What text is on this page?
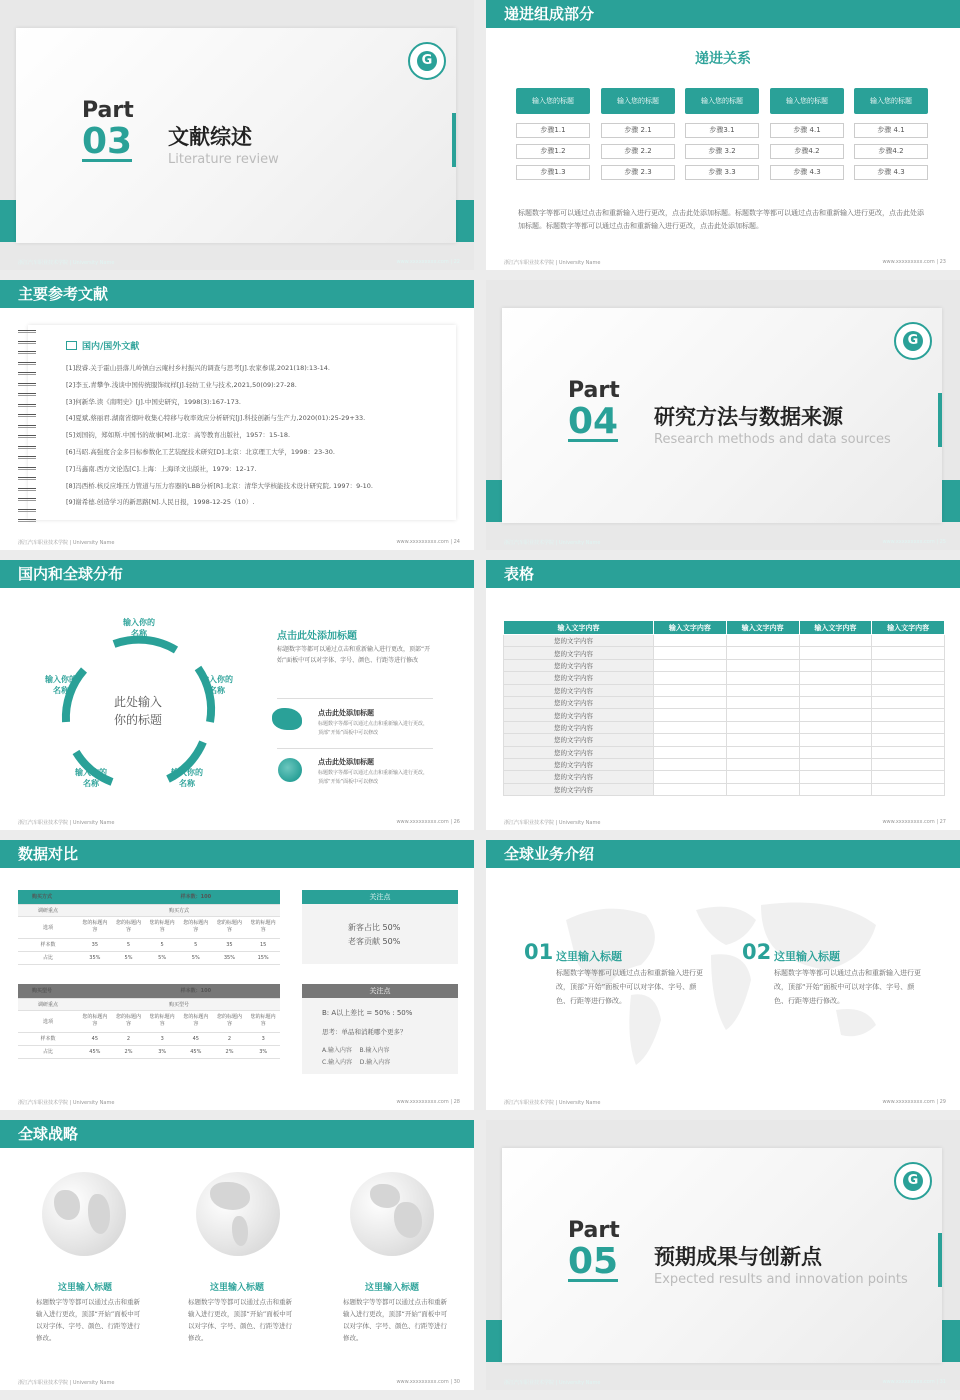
G
Part
03 文献综述
Literature review
浙江汽车职业技术学院 | University Name	www.xxxxxxxxx.com | 22
递进组成部分
递进关系
输入您的标题
步骤1.1
步骤1.2
步骤1.3
输入您的标题
步骤 2.1
步骤 2.2
步骤 2.3
输入您的标题
步骤3.1
步骤 3.2
步骤 3.3
输入您的标题
步骤 4.1
步骤4.2
步骤 4.3
输入您的标题
步骤 4.1
步骤4.2
步骤 4.3
标题数字等都可以通过点击和重新输入进行更改，点击此处添加标题。标题数字等都可以通过点击和重新输入进行更改，点击此处添加标题。标题数字等都可以通过点击和重新输入进行更改，点击此处添加标题。
浙江汽车职业技术学院 | University Name	www.xxxxxxxxx.com | 23
主要参考文献
国内/国外文献
[1]段睿.关于霍山县落儿岭镇白云庵村乡村振兴的调查与思考[J].农家参谋,2021(18):13-14.
[2]李玉,青攀争.浅谈中国传统服饰纹样[J].轻纺工业与技术,2021,50(09):27-28.
[3]何新华.读《南明史》[J].中国史研究，1998(3):167-173.
[4]夏斌,蔡丽君.湖南省烟叶收集心特移与收率效应分析研究[J].科技创新与生产力,2020(01):25-29+33.
[5]刘国钧，郑如斯.中国书的故事[M].北京：高等教育出版社，1957：15-18.
[6]马昭.高强度合金多目标参数化工艺装配技术研究[D].北京：北京理工大学，1998：23-30.
[7]马鑫南.西方文论选[C].上海：上海译文出版社，1979：12-17.
[8]冯西桥.核反应堆压力管道与压力容器的LBB分析[R].北京：清华大学核能技术设计研究院, 1997：9-10.
[9]谢希德.创造学习的新思路[N].人民日报，1998-12-25（10）.
浙江汽车职业技术学院 | University Name	www.xxxxxxxxx.com | 24
G
Part
04 研究方法与数据来源
Research methods and data sources
浙江汽车职业技术学院 | University Name	www.xxxxxxxxx.com | 25
国内和全球分布
此处输入
你的标题
输入你的
名称
输入你的
名称
输入你的
名称
输入你的
名称
输入你的
名称
点击此处添加标题
标题数字等都可以通过点击和重新输入进行更改，顶部“开始”面板中可以对字体、字号、颜色、行距等进行修改
点击此处添加标题
标题数字等都可以通过点击和重新输入进行更改，顶部“开始”面板中可以修改
点击此处添加标题
标题数字等都可以通过点击和重新输入进行更改，顶部“开始”面板中可以修改
浙江汽车职业技术学院 | University Name	www.xxxxxxxxx.com | 26
表格
输入文字内容	输入文字内容	输入文字内容	输入文字内容	输入文字内容
您的文字内容				
您的文字内容				
您的文字内容				
您的文字内容				
您的文字内容				
您的文字内容				
您的文字内容				
您的文字内容				
您的文字内容				
您的文字内容				
您的文字内容				
您的文字内容				
您的文字内容				
浙江汽车职业技术学院 | University Name	www.xxxxxxxxx.com | 27
数据对比
购买方式		样本数：100				
调研重点	购买方式					
选项	您的标题内容	您的标题内容	您的标题内容	您的标题内容	您的标题内容	您的标题内容
样本数	35	5	5	5	35	15
占比	35%	5%	5%	5%	35%	15%
购买型号		样本数：100				
调研重点	购买型号					
选项	您的标题内容	您的标题内容	您的标题内容	您的标题内容	您的标题内容	您的标题内容
样本数	45	2	3	45	2	3
占比	45%	2%	3%	45%	2%	3%
关注点
新客占比 50%
老客贡献 50%
关注点
B: A以上差比 = 50% : 50%
思考：单品和消耗哪个更多？
A.输入内容    B.输入内容
C.输入内容    D.输入内容
浙江汽车职业技术学院 | University Name	www.xxxxxxxxx.com | 28
全球业务介绍
01 这里输入标题
标题数字等等都可以通过点击和重新输入进行更改，顶部“开始”面板中可以对字体、字号、颜色、行距等进行修改。
02 这里输入标题
标题数字等等都可以通过点击和重新输入进行更改，顶部“开始”面板中可以对字体、字号、颜色、行距等进行修改。
浙江汽车职业技术学院 | University Name	www.xxxxxxxxx.com | 29
全球战略
这里输入标题
标题数字等等都可以通过点击和重新输入进行更改，顶部“开始”面板中可以对字体、字号、颜色、行距等进行修改。
这里输入标题
标题数字等等都可以通过点击和重新输入进行更改，顶部“开始”面板中可以对字体、字号、颜色、行距等进行修改。
这里输入标题
标题数字等等都可以通过点击和重新输入进行更改，顶部“开始”面板中可以对字体、字号、颜色、行距等进行修改。
浙江汽车职业技术学院 | University Name	www.xxxxxxxxx.com | 30
G
Part
05 预期成果与创新点
Expected results and innovation points
浙江汽车职业技术学院 | University Name	www.xxxxxxxxx.com | 31
